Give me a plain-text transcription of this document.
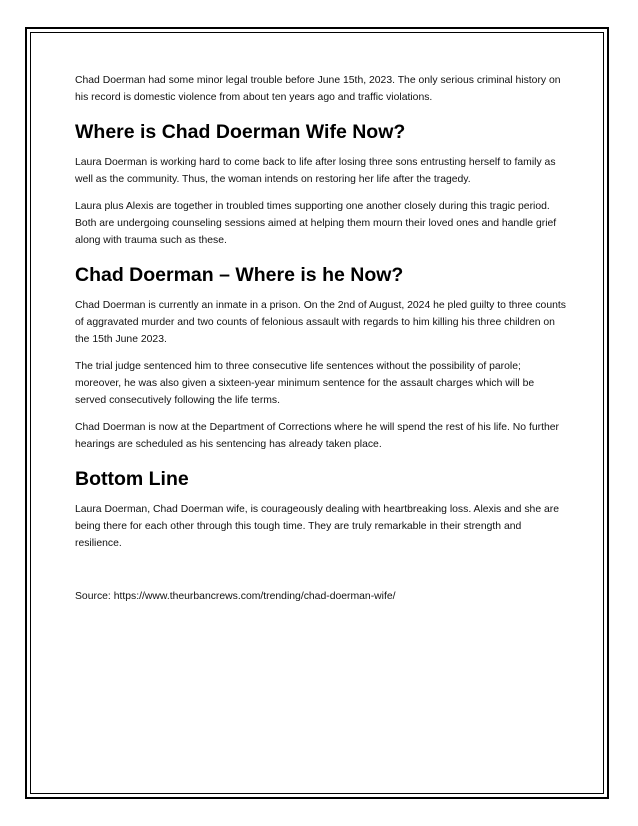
Chad Doerman had some minor legal trouble before June 15th, 2023. The only serious criminal history on his record is domestic violence from about ten years ago and traffic violations.

Where is Chad Doerman Wife Now?

Laura Doerman is working hard to come back to life after losing three sons entrusting herself to family as well as the community. Thus, the woman intends on restoring her life after the tragedy.

Laura plus Alexis are together in troubled times supporting one another closely during this tragic period. Both are undergoing counseling sessions aimed at helping them mourn their loved ones and handle grief along with trauma such as these.

Chad Doerman – Where is he Now?

Chad Doerman is currently an inmate in a prison. On the 2nd of August, 2024 he pled guilty to three counts of aggravated murder and two counts of felonious assault with regards to him killing his three children on the 15th June 2023.

The trial judge sentenced him to three consecutive life sentences without the possibility of parole; moreover, he was also given a sixteen-year minimum sentence for the assault charges which will be served consecutively following the life terms.

Chad Doerman is now at the Department of Corrections where he will spend the rest of his life. No further hearings are scheduled as his sentencing has already taken place.

Bottom Line

Laura Doerman, Chad Doerman wife, is courageously dealing with heartbreaking loss. Alexis and she are being there for each other through this tough time. They are truly remarkable in their strength and resilience.

Source: https://www.theurbancrews.com/trending/chad-doerman-wife/
